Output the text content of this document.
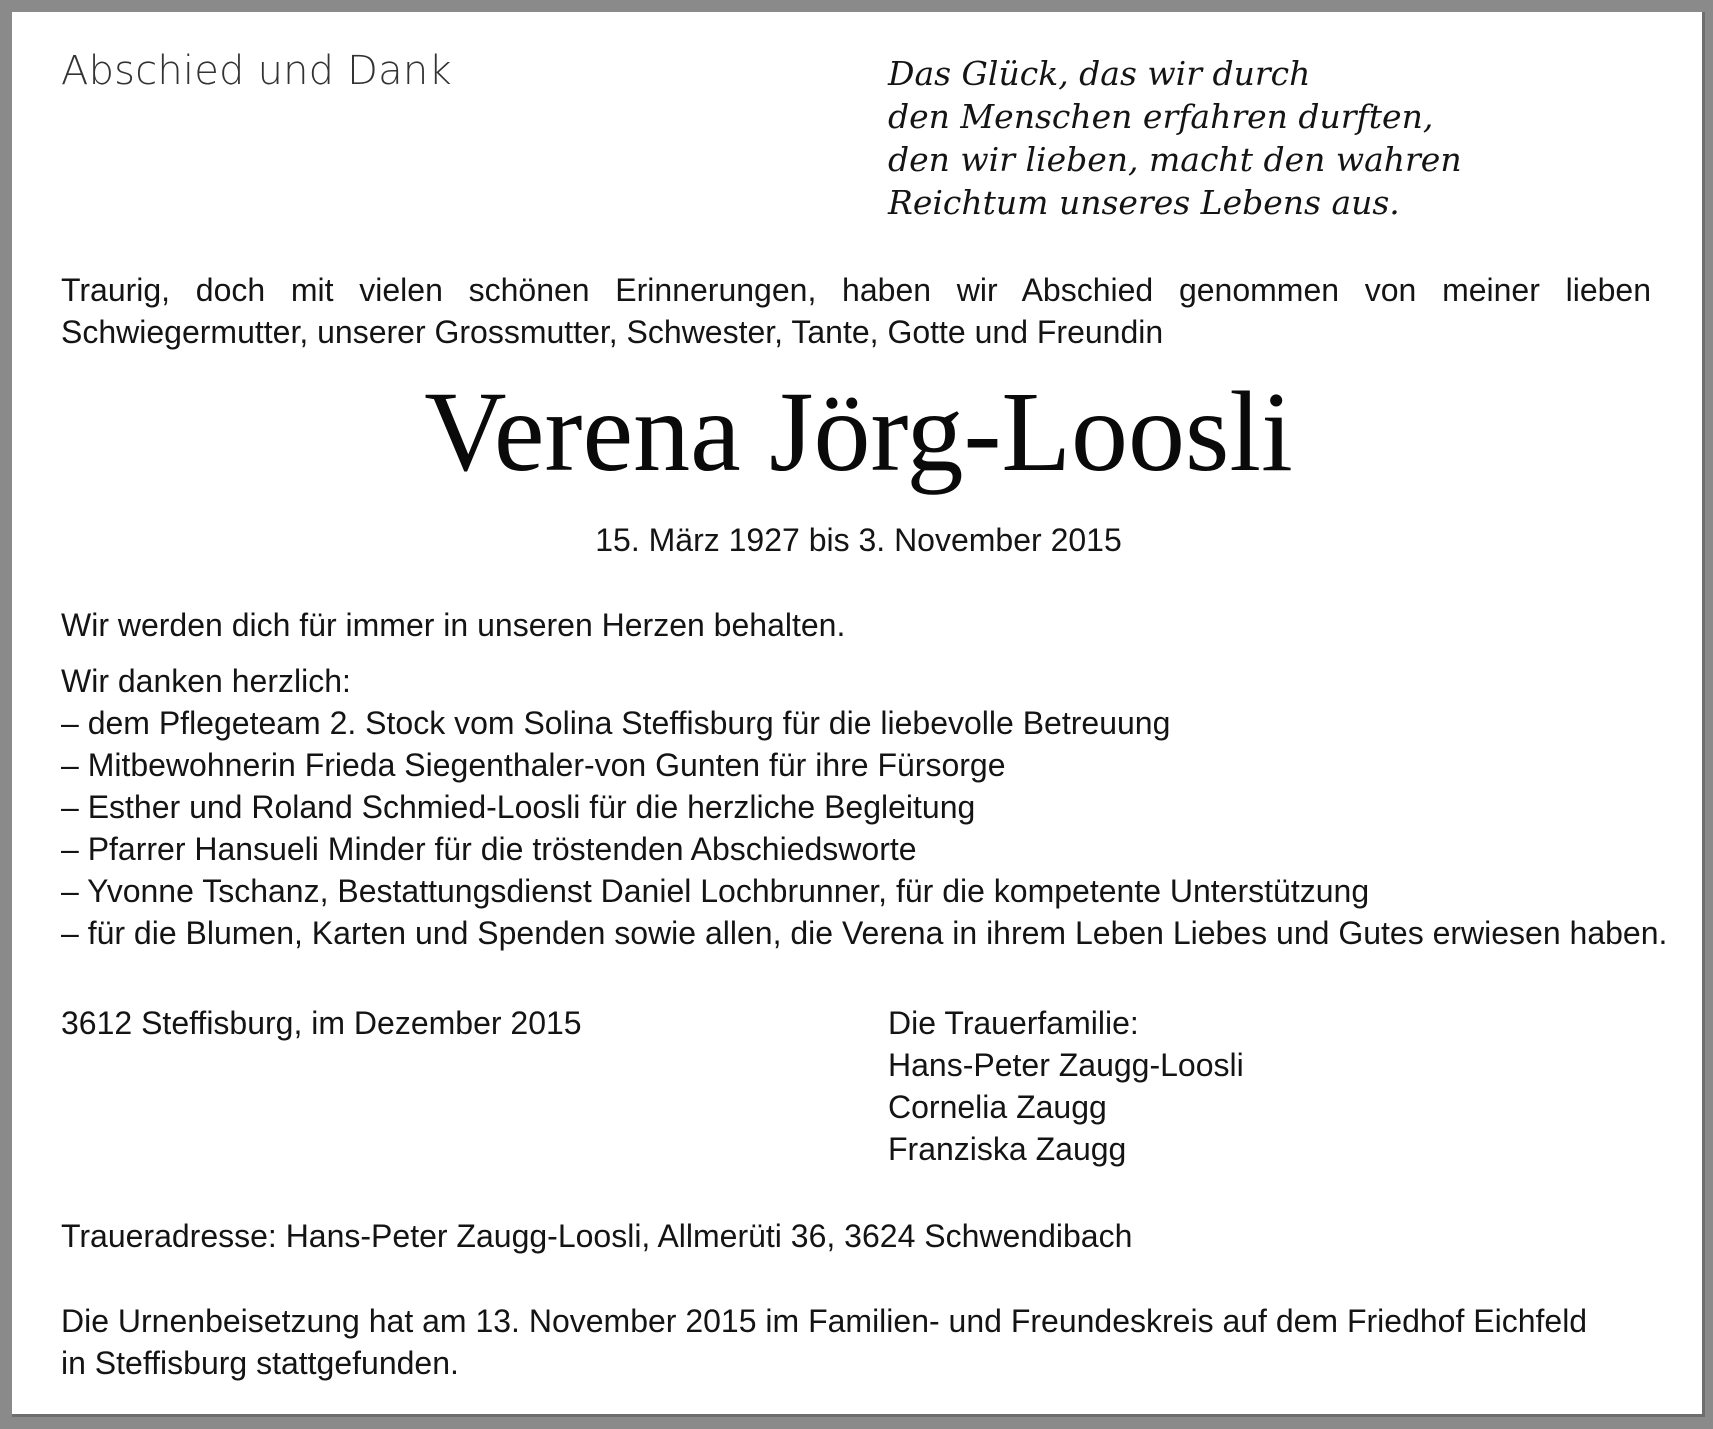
Abschied und Dank	Das Glück, das wir durch
den Menschen erfahren durften,
den wir lieben, macht den wahren
Reichtum unseres Lebens aus.

Traurig, doch mit vielen schönen Erinnerungen, haben wir Abschied genommen von meiner lieben Schwiegermutter, unserer Grossmutter, Schwester, Tante, Gotte und Freundin

Verena Jörg-Loosli

15. März 1927 bis 3. November 2015

Wir werden dich für immer in unseren Herzen behalten.

Wir danken herzlich:
– dem Pflegeteam 2. Stock vom Solina Steffisburg für die liebevolle Betreuung
– Mitbewohnerin Frieda Siegenthaler-von Gunten für ihre Fürsorge
– Esther und Roland Schmied-Loosli für die herzliche Begleitung
– Pfarrer Hansueli Minder für die tröstenden Abschiedsworte
– Yvonne Tschanz, Bestattungsdienst Daniel Lochbrunner, für die kompetente Unterstützung
– für die Blumen, Karten und Spenden sowie allen, die Verena in ihrem Leben Liebes und Gutes erwiesen haben.

3612 Steffisburg, im Dezember 2015	Die Trauerfamilie:
Hans-Peter Zaugg-Loosli
Cornelia Zaugg
Franziska Zaugg

Traueradresse: Hans-Peter Zaugg-Loosli, Allmerüti 36, 3624 Schwendibach

Die Urnenbeisetzung hat am 13. November 2015 im Familien- und Freundeskreis auf dem Friedhof Eichfeld
in Steffisburg stattgefunden.
